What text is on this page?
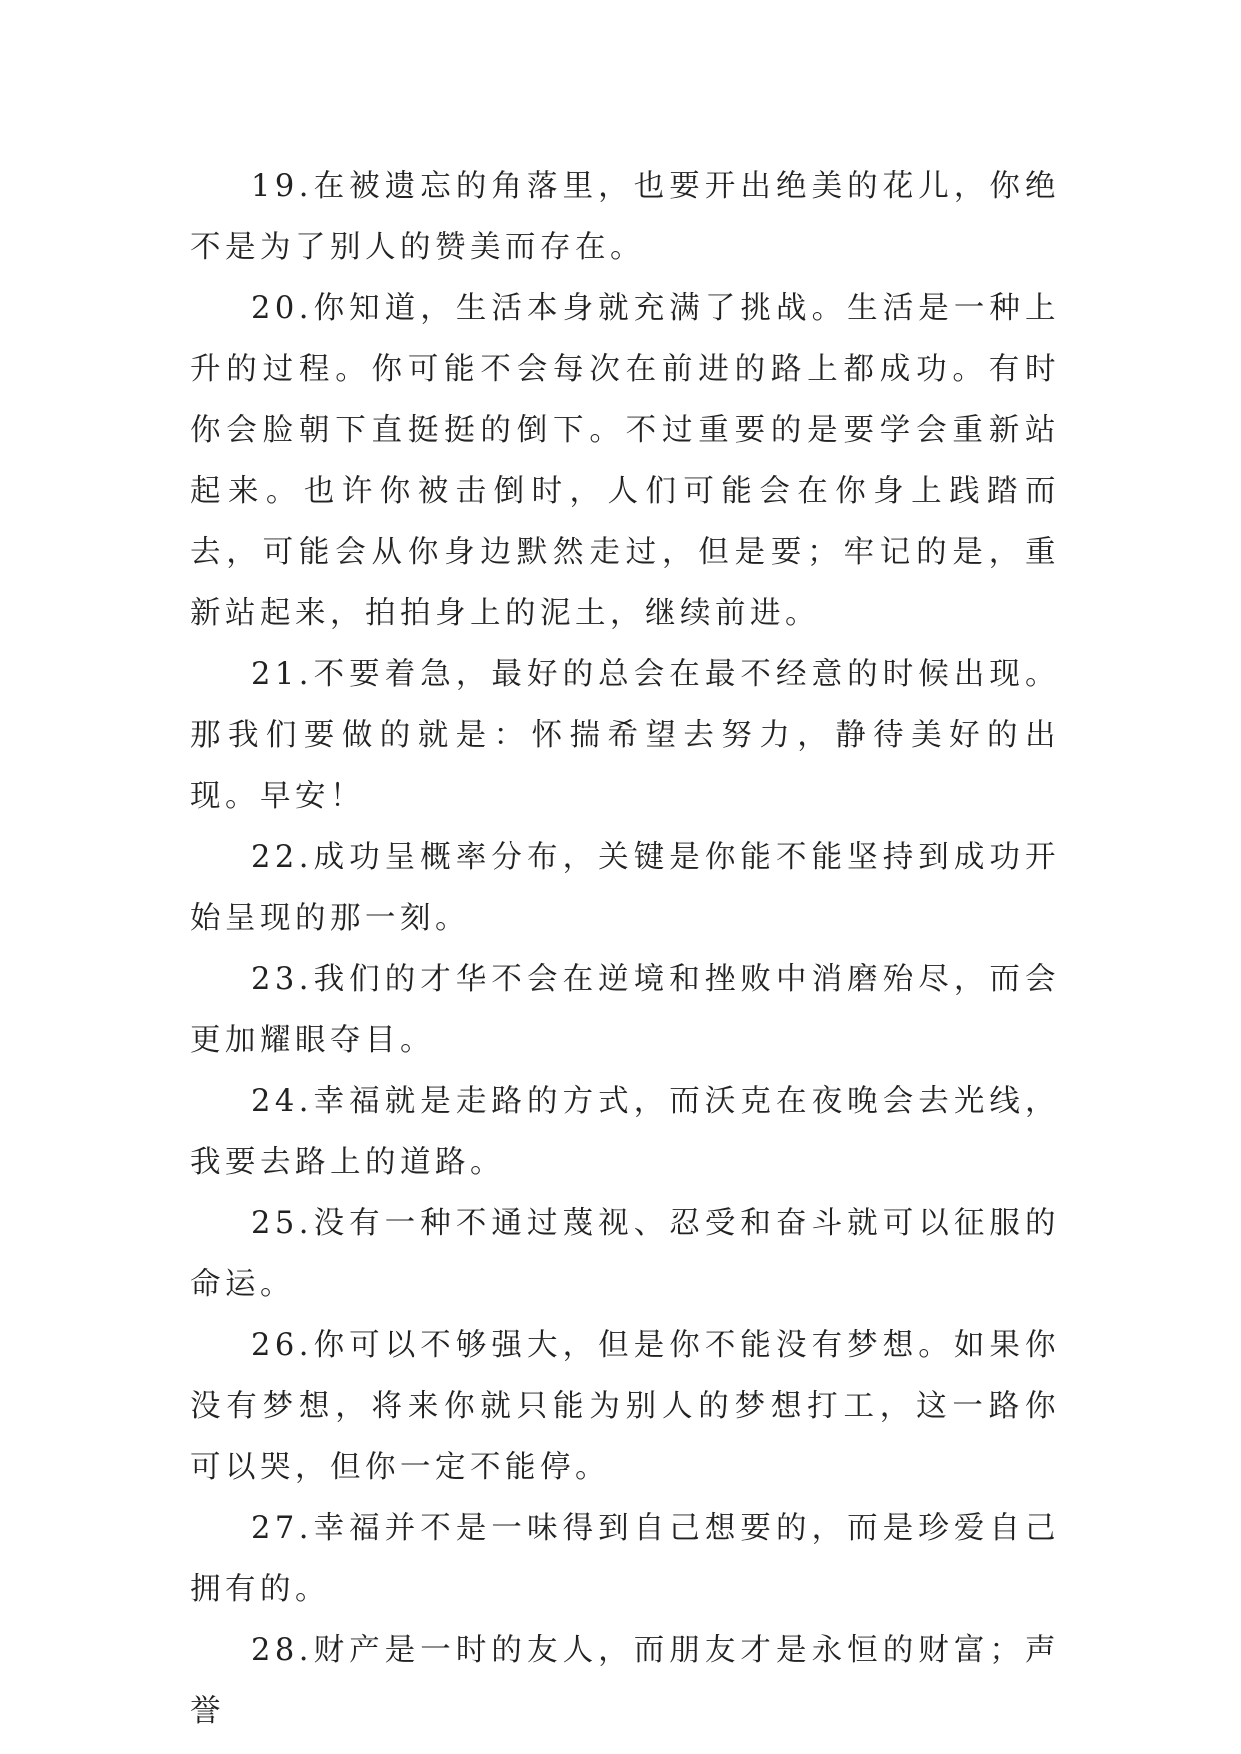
19.在被遗忘的角落里，也要开出绝美的花儿，你绝不是为了别人的赞美而存在。

20.你知道，生活本身就充满了挑战。生活是一种上升的过程。你可能不会每次在前进的路上都成功。有时你会脸朝下直挺挺的倒下。不过重要的是要学会重新站起来。也许你被击倒时，人们可能会在你身上践踏而去，可能会从你身边默然走过，但是要；牢记的是，重新站起来，拍拍身上的泥土，继续前进。

21.不要着急，最好的总会在最不经意的时候出现。那我们要做的就是：怀揣希望去努力，静待美好的出现。早安！

22.成功呈概率分布，关键是你能不能坚持到成功开始呈现的那一刻。

23.我们的才华不会在逆境和挫败中消磨殆尽，而会更加耀眼夺目。

24.幸福就是走路的方式，而沃克在夜晚会去光线，我要去路上的道路。

25.没有一种不通过蔑视、忍受和奋斗就可以征服的命运。

26.你可以不够强大，但是你不能没有梦想。如果你没有梦想，将来你就只能为别人的梦想打工，这一路你可以哭，但你一定不能停。

27.幸福并不是一味得到自己想要的，而是珍爱自己拥有的。

28.财产是一时的友人，而朋友才是永恒的财富；声誉
